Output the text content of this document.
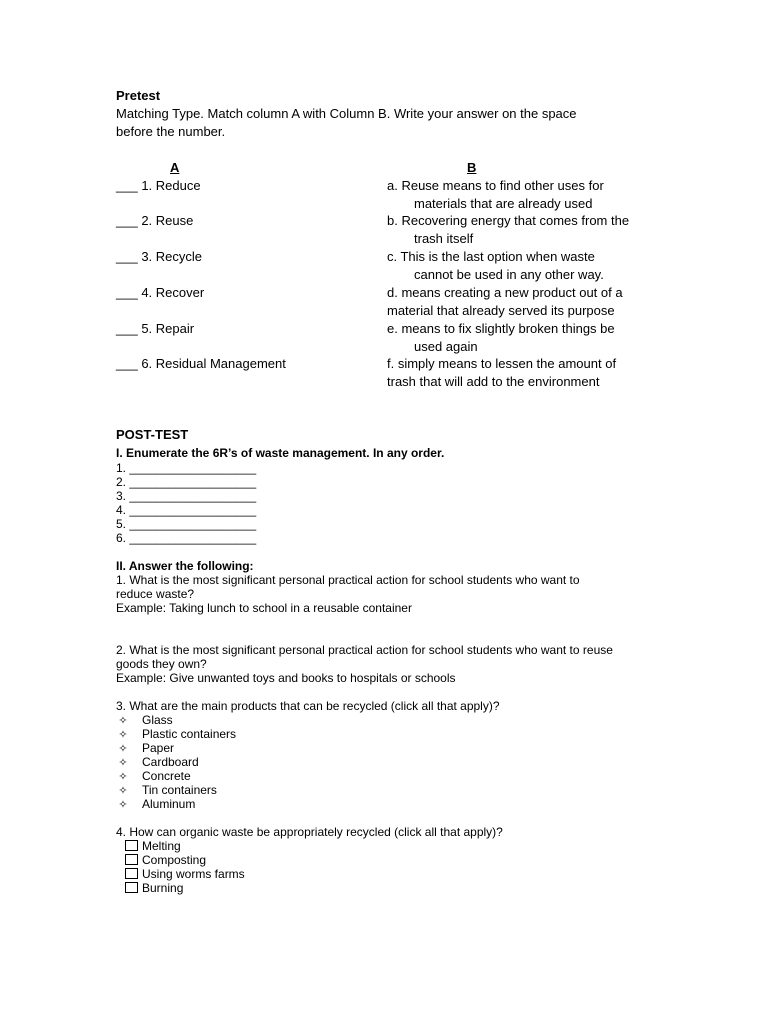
Pretest
Matching Type. Match column A with Column B. Write your answer on the space
before the number.
A	B
___ 1. Reduce
___ 2. Reuse
___ 3. Recycle
___ 4. Recover
___ 5. Repair
___ 6. Residual Management
a. Reuse means to find other uses for
materials that are already used
b. Recovering energy that comes from the
trash itself
c. This is the last option when waste
cannot be used in any other way.
d. means creating a new product out of a
material that already served its purpose
e. means to fix slightly broken things be
used again
f. simply means to lessen the amount of
trash that will add to the environment
POST-TEST
I. Enumerate the 6R’s of waste management. In any order.
1. ___________________
2. ___________________
3. ___________________
4. ___________________
5. ___________________
6. ___________________
II. Answer the following:
1. What is the most significant personal practical action for school students who want to
reduce waste?
Example: Taking lunch to school in a reusable container
2. What is the most significant personal practical action for school students who want to reuse
goods they own?
Example: Give unwanted toys and books to hospitals or schools
3. What are the main products that can be recycled (click all that apply)?
✧ Glass
✧ Plastic containers
✧ Paper
✧ Cardboard
✧ Concrete
✧ Tin containers
✧ Aluminum
4. How can organic waste be appropriately recycled (click all that apply)?
Melting
Composting
Using worms farms
Burning
